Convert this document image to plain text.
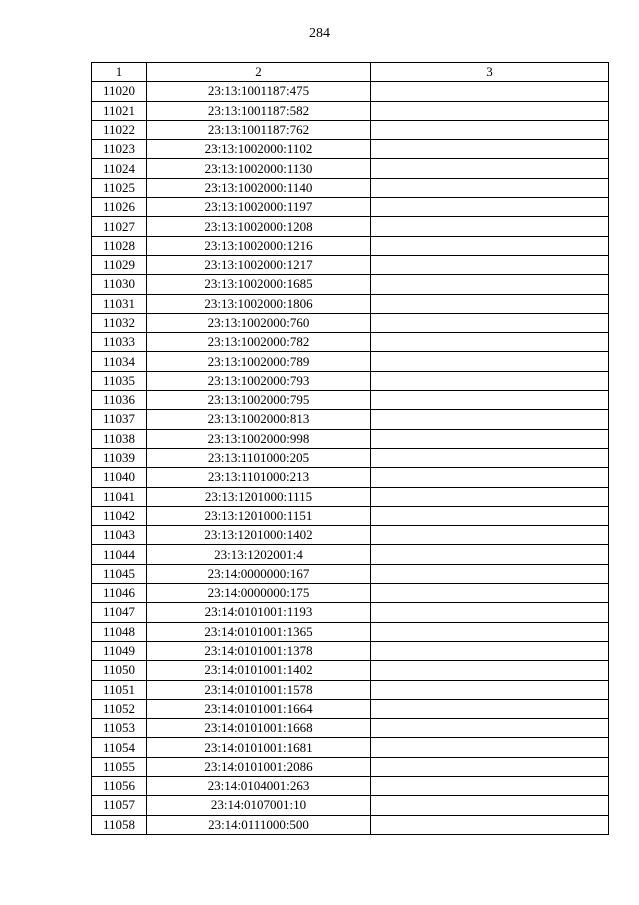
284
1	2	3
11020	23:13:1001187:475	
11021	23:13:1001187:582	
11022	23:13:1001187:762	
11023	23:13:1002000:1102	
11024	23:13:1002000:1130	
11025	23:13:1002000:1140	
11026	23:13:1002000:1197	
11027	23:13:1002000:1208	
11028	23:13:1002000:1216	
11029	23:13:1002000:1217	
11030	23:13:1002000:1685	
11031	23:13:1002000:1806	
11032	23:13:1002000:760	
11033	23:13:1002000:782	
11034	23:13:1002000:789	
11035	23:13:1002000:793	
11036	23:13:1002000:795	
11037	23:13:1002000:813	
11038	23:13:1002000:998	
11039	23:13:1101000:205	
11040	23:13:1101000:213	
11041	23:13:1201000:1115	
11042	23:13:1201000:1151	
11043	23:13:1201000:1402	
11044	23:13:1202001:4	
11045	23:14:0000000:167	
11046	23:14:0000000:175	
11047	23:14:0101001:1193	
11048	23:14:0101001:1365	
11049	23:14:0101001:1378	
11050	23:14:0101001:1402	
11051	23:14:0101001:1578	
11052	23:14:0101001:1664	
11053	23:14:0101001:1668	
11054	23:14:0101001:1681	
11055	23:14:0101001:2086	
11056	23:14:0104001:263	
11057	23:14:0107001:10	
11058	23:14:0111000:500	
